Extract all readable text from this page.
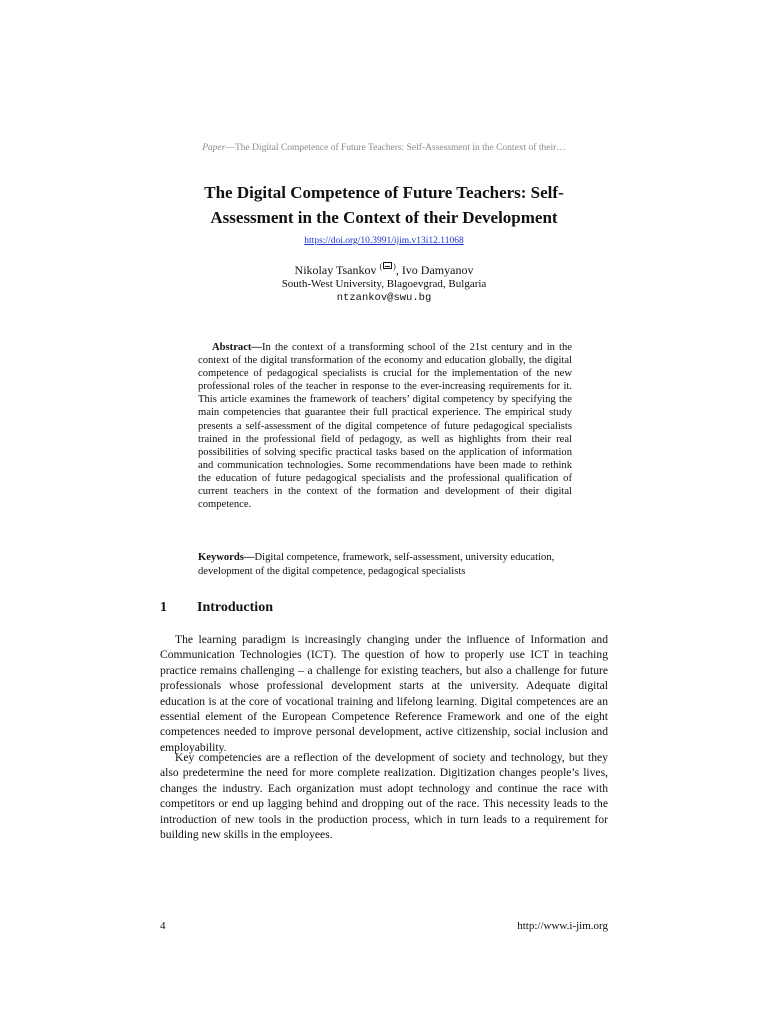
Paper—The Digital Competence of Future Teachers: Self-Assessment in the Context of their…
The Digital Competence of Future Teachers: Self-Assessment in the Context of their Development
https://doi.org/10.3991/ijim.v13i12.11068
Nikolay Tsankov ( ), Ivo Damyanov
South-West University, Blagoevgrad, Bulgaria
ntzankov@swu.bg
Abstract—In the context of a transforming school of the 21st century and in the context of the digital transformation of the economy and education globally, the digital competence of pedagogical specialists is crucial for the implementation of the new professional roles of the teacher in response to the ever-increasing requirements for it. This article examines the framework of teachers’ digital competency by specifying the main competencies that guarantee their full practical experience. The empirical study presents a self-assessment of the digital competence of future pedagogical specialists trained in the professional field of pedagogy, as well as highlights from their real possibilities of solving specific practical tasks based on the application of information and communication technologies. Some recommendations have been made to rethink the education of future pedagogical specialists and the professional qualification of current teachers in the context of the formation and development of their digital competence.
Keywords—Digital competence, framework, self-assessment, university education, development of the digital competence, pedagogical specialists
1 Introduction
The learning paradigm is increasingly changing under the influence of Information and Communication Technologies (ICT). The question of how to properly use ICT in teaching practice remains challenging – a challenge for existing teachers, but also a challenge for future professionals whose professional development starts at the university. Adequate digital education is at the core of vocational training and lifelong learning. Digital competences are an essential element of the European Competence Reference Framework and one of the eight competences needed to improve personal development, active citizenship, social inclusion and employability.
Key competencies are a reflection of the development of society and technology, but they also predetermine the need for more complete realization. Digitization changes people’s lives, changes the industry. Each organization must adopt technology and continue the race with competitors or end up lagging behind and dropping out of the race. This necessity leads to the introduction of new tools in the production process, which in turn leads to a requirement for building new skills in the employees.
4	http://www.i-jim.org
